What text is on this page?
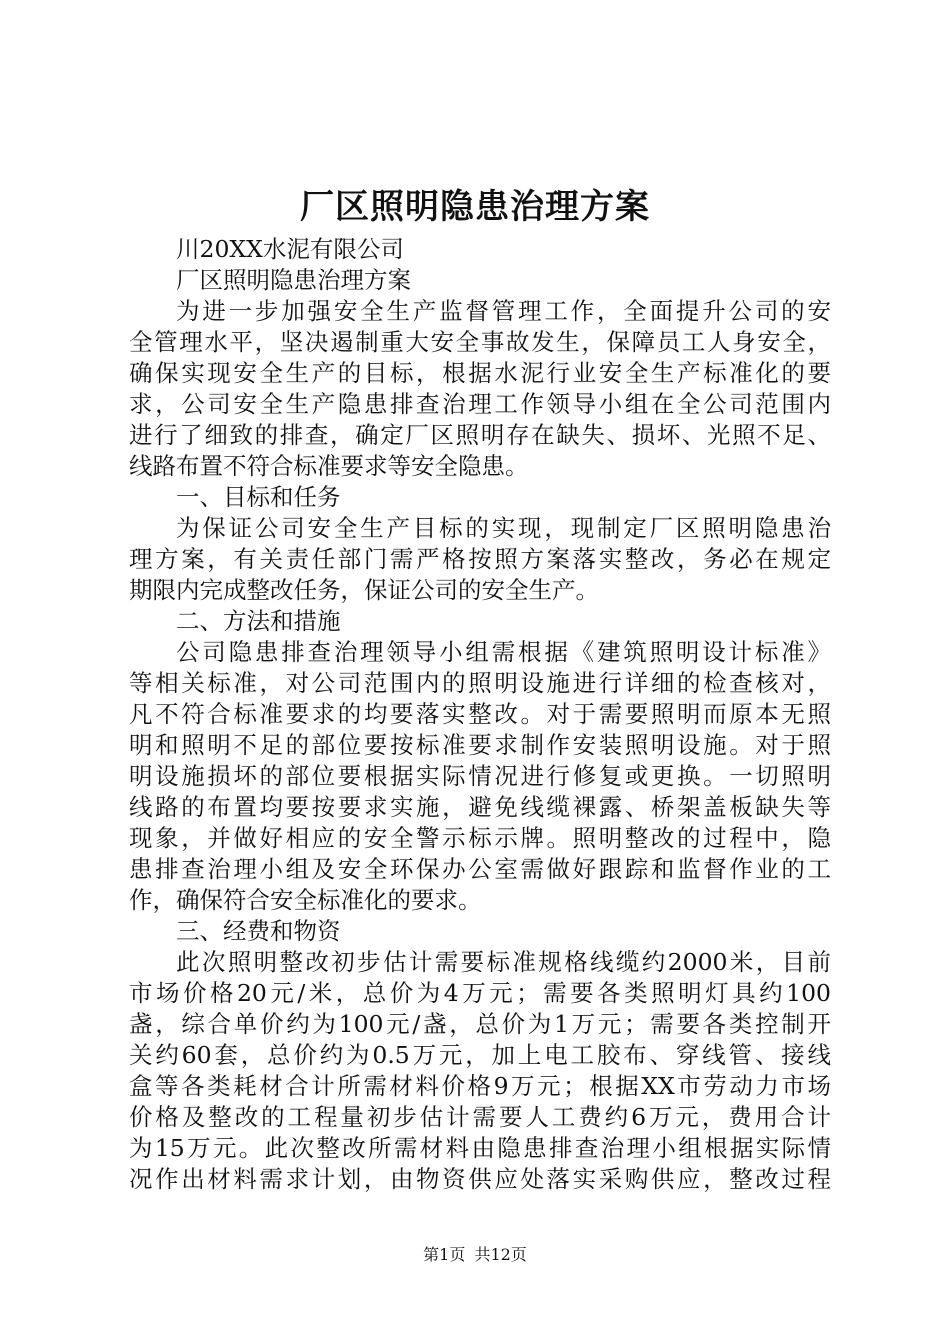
厂区照明隐患治理方案

川20XX水泥有限公司

厂区照明隐患治理方案

为进一步加强安全生产监督管理工作，全面提升公司的安

全管理水平，坚决遏制重大安全事故发生，保障员工人身安全，

确保实现安全生产的目标，根据水泥行业安全生产标准化的要

求，公司安全生产隐患排查治理工作领导小组在全公司范围内

进行了细致的排查，确定厂区照明存在缺失、损坏、光照不足、

线路布置不符合标准要求等安全隐患。

一、目标和任务

为保证公司安全生产目标的实现，现制定厂区照明隐患治

理方案，有关责任部门需严格按照方案落实整改，务必在规定

期限内完成整改任务，保证公司的安全生产。

二、方法和措施

公司隐患排查治理领导小组需根据《建筑照明设计标准》

等相关标准，对公司范围内的照明设施进行详细的检查核对，

凡不符合标准要求的均要落实整改。对于需要照明而原本无照

明和照明不足的部位要按标准要求制作安装照明设施。对于照

明设施损坏的部位要根据实际情况进行修复或更换。一切照明

线路的布置均要按要求实施，避免线缆裸露、桥架盖板缺失等

现象，并做好相应的安全警示标示牌。照明整改的过程中，隐

患排查治理小组及安全环保办公室需做好跟踪和监督作业的工

作，确保符合安全标准化的要求。

三、经费和物资

此次照明整改初步估计需要标准规格线缆约2000米，目前

市场价格20元/米，总价为4万元；需要各类照明灯具约100

盏，综合单价约为100元/盏，总价为1万元；需要各类控制开

关约60套，总价约为0.5万元，加上电工胶布、穿线管、接线

盒等各类耗材合计所需材料价格9万元；根据XX市劳动力市场

价格及整改的工程量初步估计需要人工费约6万元，费用合计

为15万元。此次整改所需材料由隐患排查治理小组根据实际情

况作出材料需求计划，由物资供应处落实采购供应，整改过程

第1页 共12页
